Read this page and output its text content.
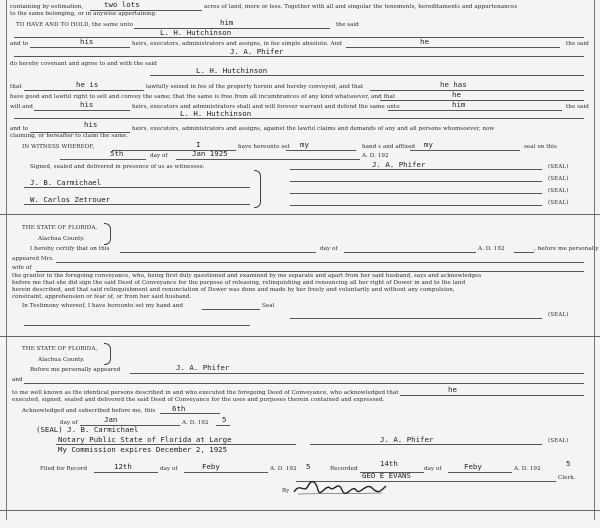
containing by estimation,	two lots	acres of land, more or less. Together with all and singular the tenements, hereditaments and appurtenances
to the same belonging, or in anywise appertaining.
TO HAVE AND TO HOLD, the same unto	him	the said
L. H. Hutchinson
and to	his	heirs, executors, administrators and assigns, in fee simple absolute. And	he	the said
J. A. Phifer
do hereby covenant and agree to and with the said
L. H. Hutchinson
that	he is	lawfully seized in fee of the property herein and hereby conveyed, and that	he has
have good and lawful right to sell and convey the same; that the same is free from all incumbrances of any kind whatsoever, and that	he
will and	his	heirs, executors and administrators shall and will forever warrant and defend the same unto	him	the said
L. H. Hutchinson
and to	his	heirs, executors, administrators and assigns, against the lawful claims and demands of any and all persons whomsoever, now
claiming, or hereafter to claim the same.
IN WITNESS WHEREOF,	I	have hereunto set my	hand s and affixed my	seal on this
5th	day of	Jan 1925	A. D. 192
Signed, sealed and delivered in presence of us as witnesses:	J. A. Phifer	(SEAL)
J. B. Carmichael	(SEAL)
(SEAL)
W. Carlos Zetrouer	(SEAL)
THE STATE OF FLORIDA,
Alachua County.
I hereby certify that on this	day of	A. D. 192	, before me personally
appeared Mrs.
wife of
the grantor in the foregoing conveyance, who, being first duly questioned and examined by me separate and apart from her said husband, says and acknowledges
before me that she did sign the said Deed of Conveyance for the purpose of releasing, relinquishing and renouncing all her right of Dower in and to the land
herein described, and that said relinquishment and renunciation of Dower was done and made by her freely and voluntarily and without any compulsion,
constraint, apprehension or fear of, or from her said husband.
In Testimony whereof, I have hereunto set my hand and	Seal
(SEAL)
THE STATE OF FLORIDA,
Alachua County.
Before me personally appeared	J. A. Phifer
and
to me well known as the identical persons described in and who executed the foregoing Deed of Conveyance, who acknowledged that	he
executed, signed, sealed and delivered the said Deed of Conveyance for the uses and purposes therein contained and expressed.
Acknowledged and subscribed before me, this 6th
day of	Jan	A. D. 192 5
(SEAL) J. B. Carmichael
Notary Public State of Florida at Large
My Commission expires December 2, 1925
J. A. Phifer	(SEAL)
Filed for Record	12th	day of	Feby	A. D. 192 5	Recorded
14th
day of	Feby	A. D. 192
5
GEO E EVANS	Clerk.
By
